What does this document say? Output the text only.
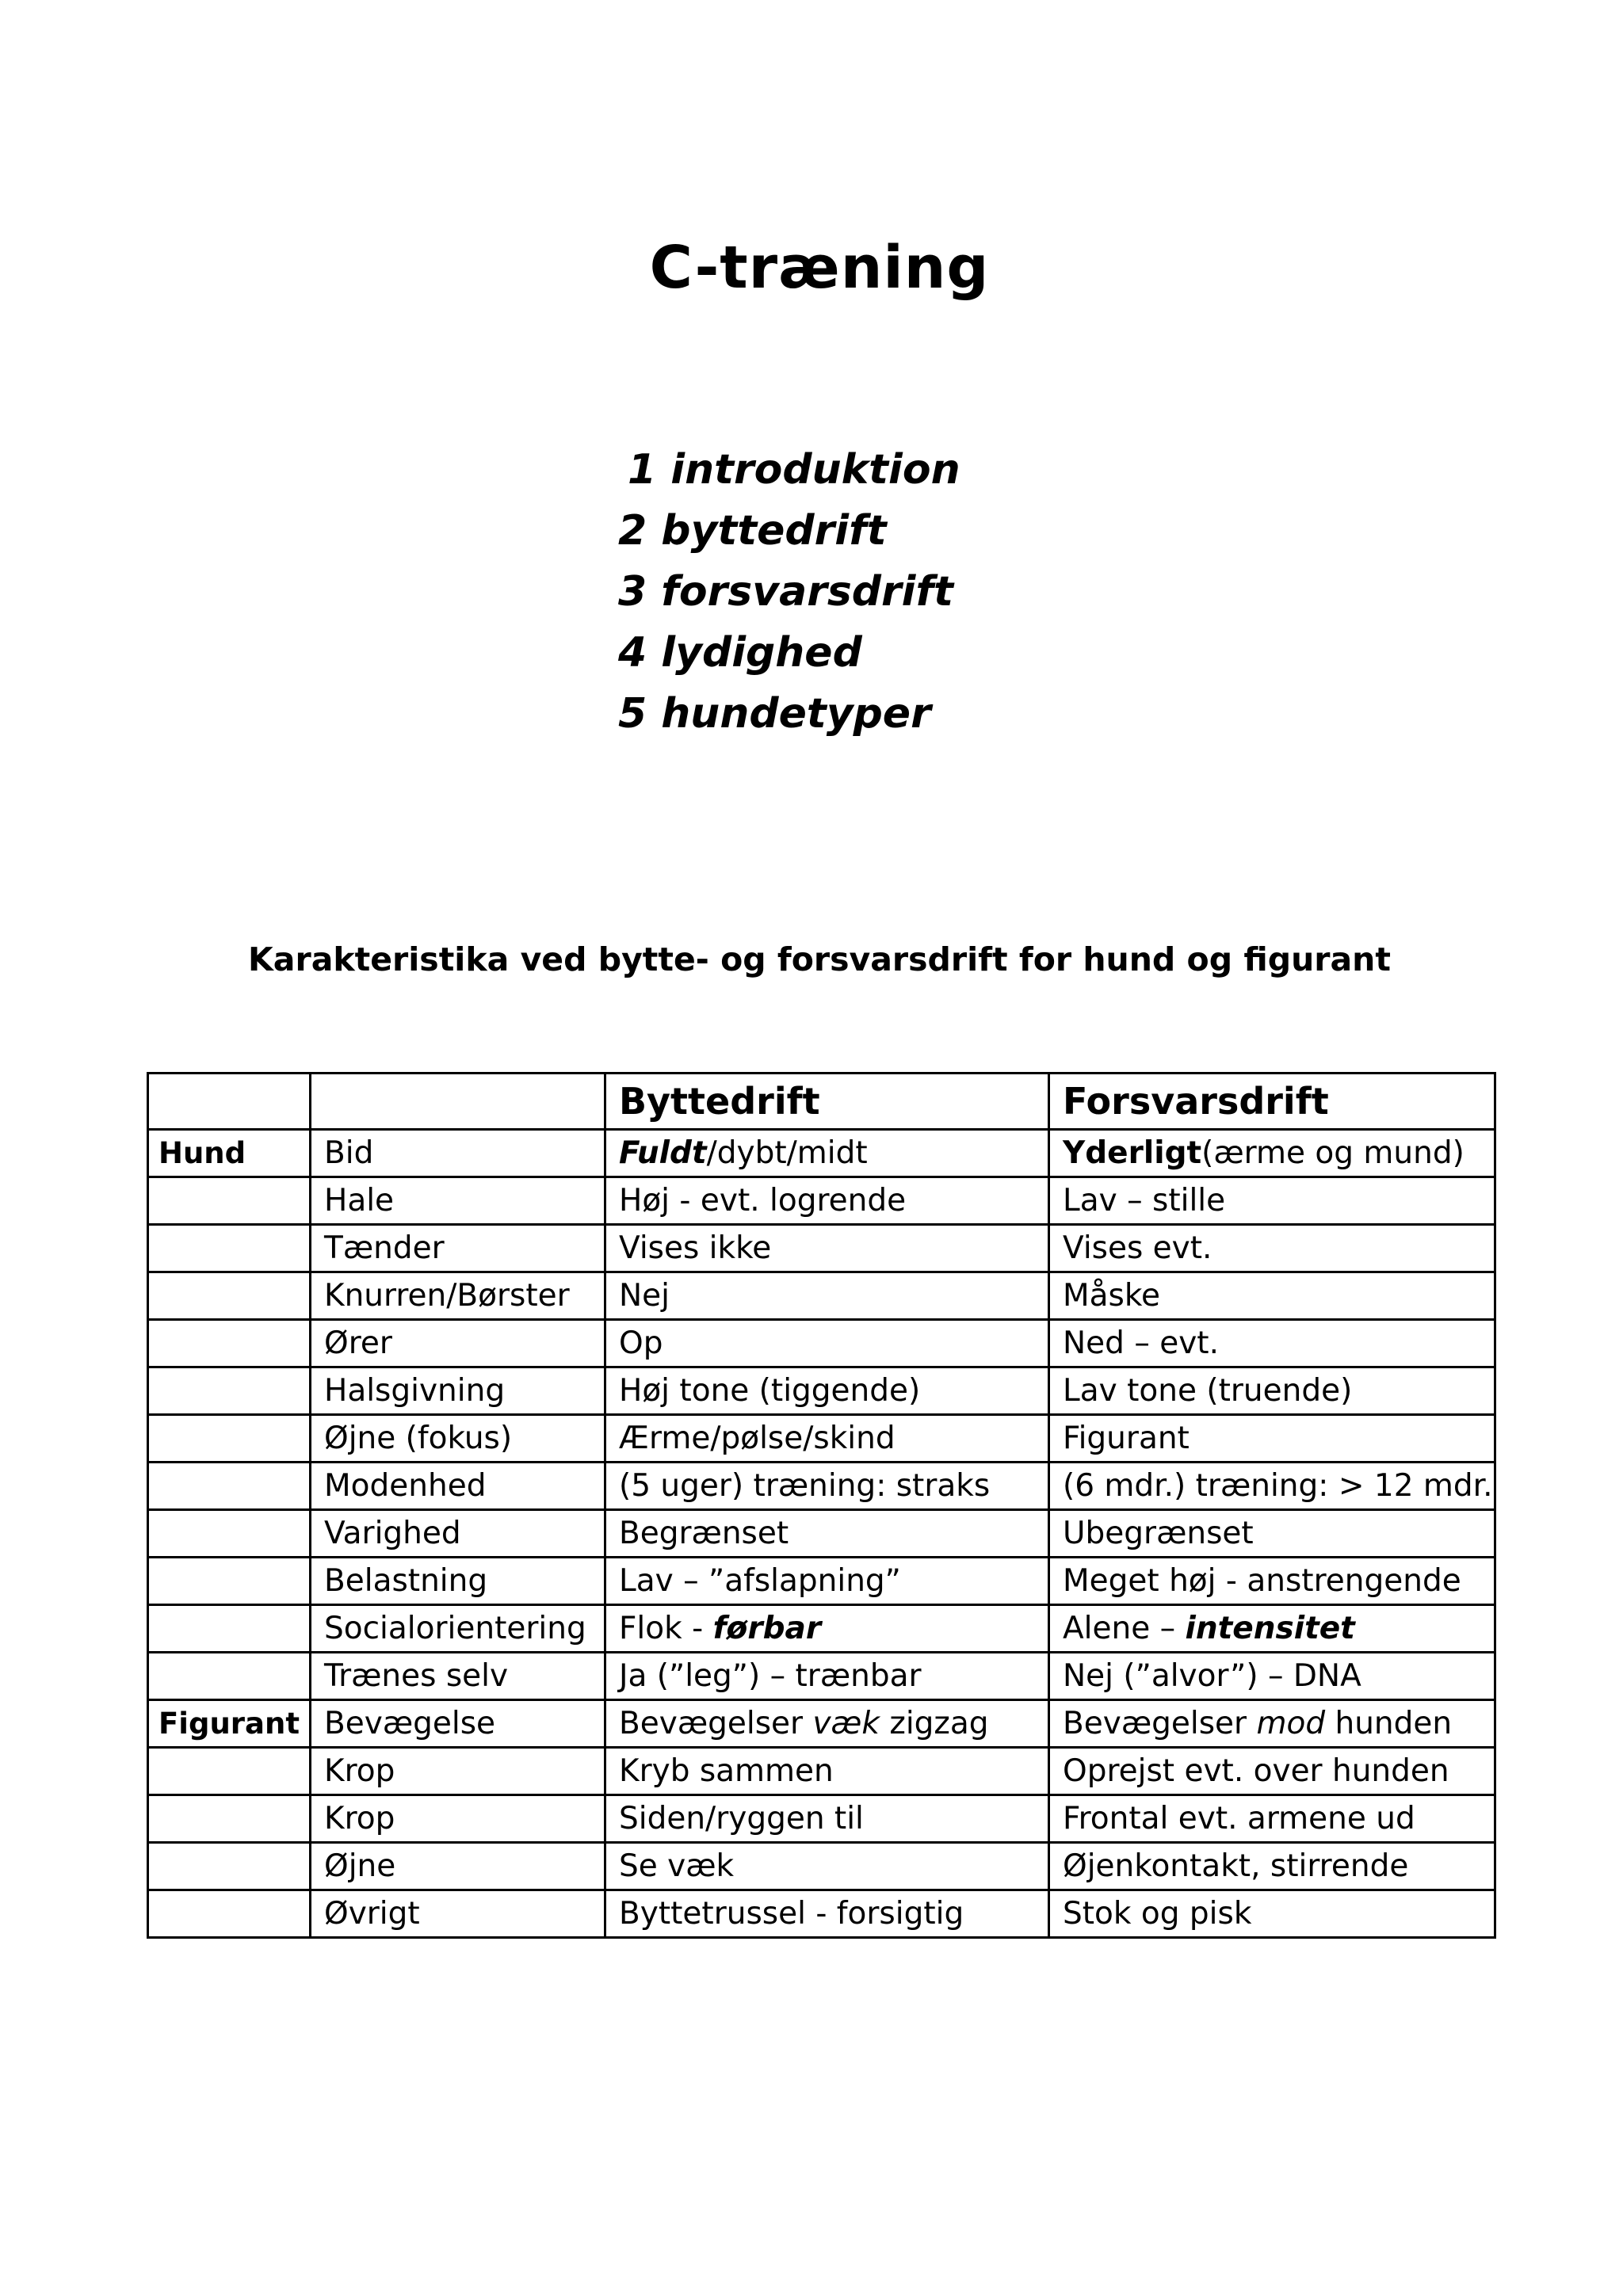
C-træning
1 introduktion
2 byttedrift
3 forsvarsdrift
4 lydighed
5 hundetyper
Karakteristika ved bytte- og forsvarsdrift for hund og figurant
		Byttedrift	Forsvarsdrift
Hund	Bid	Fuldt/dybt/midt	Yderligt(ærme og mund)
	Hale	Høj - evt. logrende	Lav – stille
	Tænder	Vises ikke	Vises evt.
	Knurren/Børster	Nej	Måske
	Ører	Op	Ned – evt.
	Halsgivning	Høj tone (tiggende)	Lav tone (truende)
	Øjne (fokus)	Ærme/pølse/skind	Figurant
	Modenhed	(5 uger) træning: straks	(6 mdr.) træning: > 12 mdr.
	Varighed	Begrænset	Ubegrænset
	Belastning	Lav – ”afslapning”	Meget høj - anstrengende
	Socialorientering	Flok - førbar	Alene – intensitet
	Trænes selv	Ja (”leg”) – trænbar	Nej (”alvor”) – DNA
Figurant	Bevægelse	Bevægelser væk zigzag	Bevægelser mod hunden
	Krop	Kryb sammen	Oprejst evt. over hunden
	Krop	Siden/ryggen til	Frontal evt. armene ud
	Øjne	Se væk	Øjenkontakt, stirrende
	Øvrigt	Byttetrussel - forsigtig	Stok og pisk
